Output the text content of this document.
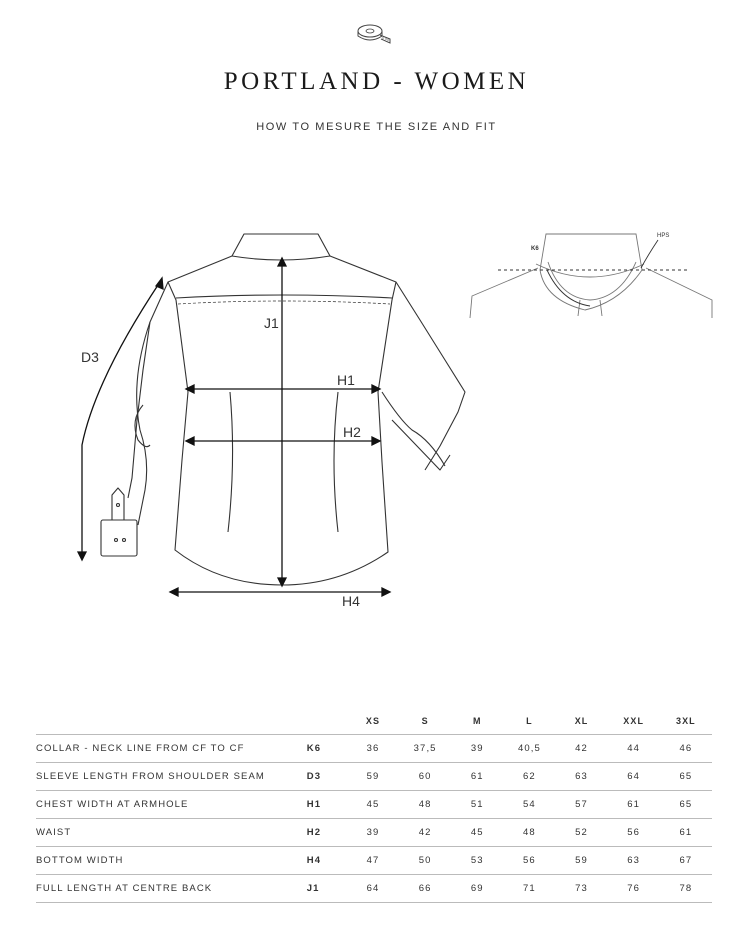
PORTLAND - WOMEN
HOW TO MESURE THE SIZE AND FIT
J1
H1
H2
H4
D3
K6
HPS
		XS	S	M	L	XL	XXL	3XL
COLLAR - NECK LINE FROM CF TO CF	K6	36	37,5	39	40,5	42	44	46
SLEEVE LENGTH FROM SHOULDER SEAM	D3	59	60	61	62	63	64	65
CHEST WIDTH AT ARMHOLE	H1	45	48	51	54	57	61	65
WAIST	H2	39	42	45	48	52	56	61
BOTTOM WIDTH	H4	47	50	53	56	59	63	67
FULL LENGTH AT CENTRE BACK	J1	64	66	69	71	73	76	78
